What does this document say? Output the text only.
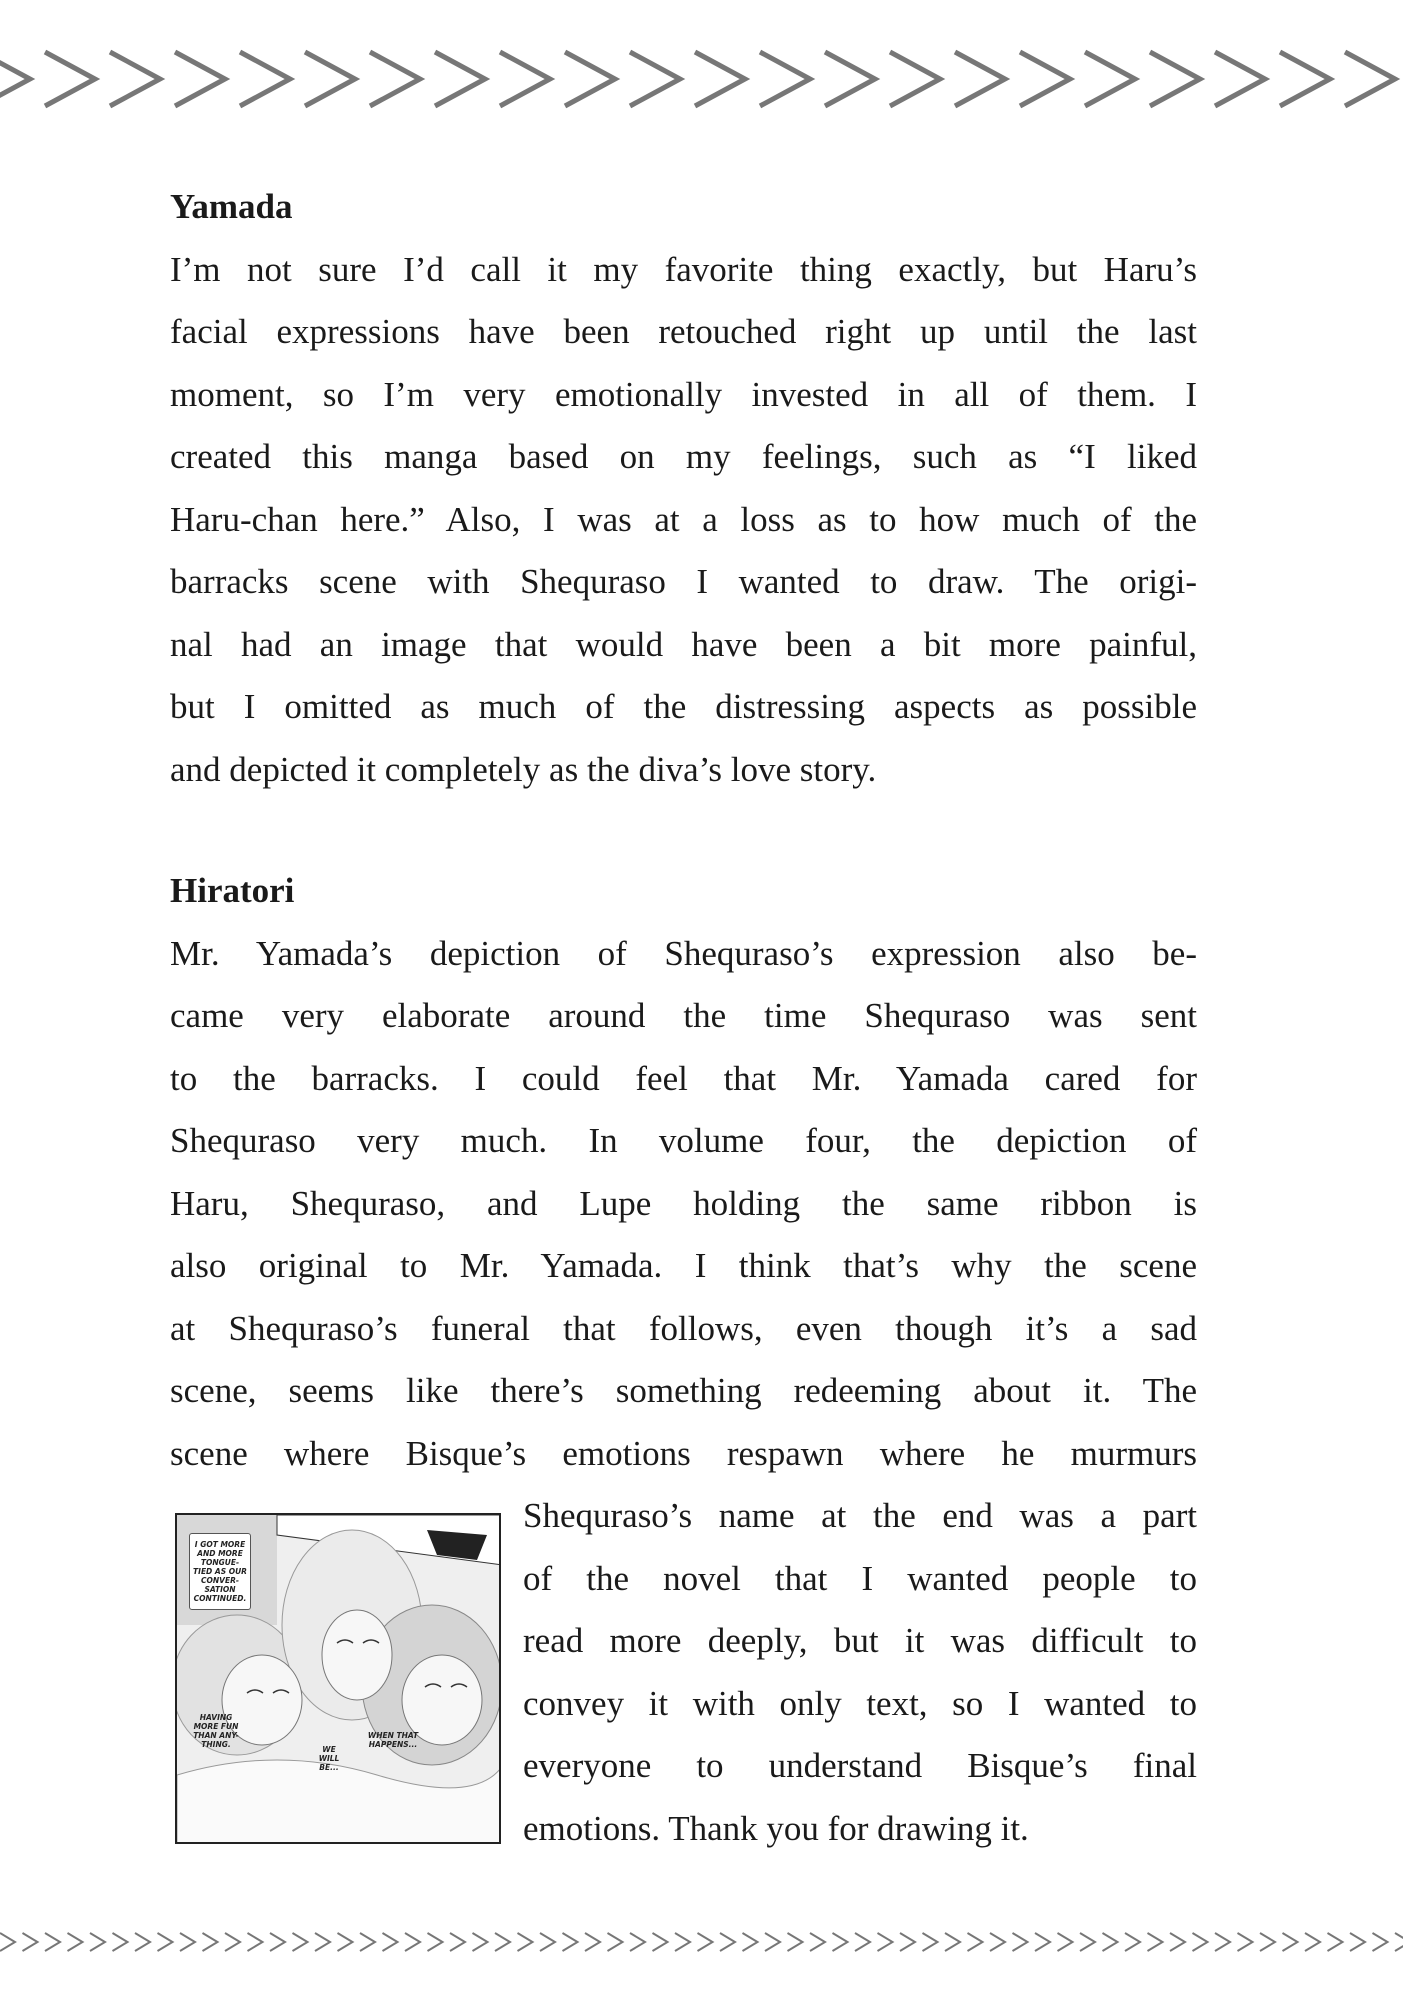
Yamada
I’m not sure I’d call it my favorite thing exactly, but Haru’s
facial expressions have been retouched right up until the last
moment, so I’m very emotionally invested in all of them. I
created this manga based on my feelings, such as “I liked
Haru-chan here.” Also, I was at a loss as to how much of the
barracks scene with Shequraso I wanted to draw. The origi-
nal had an image that would have been a bit more painful,
but I omitted as much of the distressing aspects as possible
and depicted it completely as the diva’s love story.
Hiratori
Mr. Yamada’s depiction of Shequraso’s expression also be-
came very elaborate around the time Shequraso was sent
to the barracks. I could feel that Mr. Yamada cared for
Shequraso very much. In volume four, the depiction of
Haru, Shequraso, and Lupe holding the same ribbon is
also original to Mr. Yamada. I think that’s why the scene
at Shequraso’s funeral that follows, even though it’s a sad
scene, seems like there’s something redeeming about it. The
scene where Bisque’s emotions respawn where he murmurs
Shequraso’s name at the end was a part
of the novel that I wanted people to
read more deeply, but it was difficult to
convey it with only text, so I wanted to
everyone to understand Bisque’s final
emotions. Thank you for drawing it.
I GOT MORE AND MORE TONGUE-TIED AS OUR CONVER-SATION CONTINUED.
HAVING MORE FUN THAN ANY-THING.
WE WILL BE...
WHEN THAT HAPPENS...
